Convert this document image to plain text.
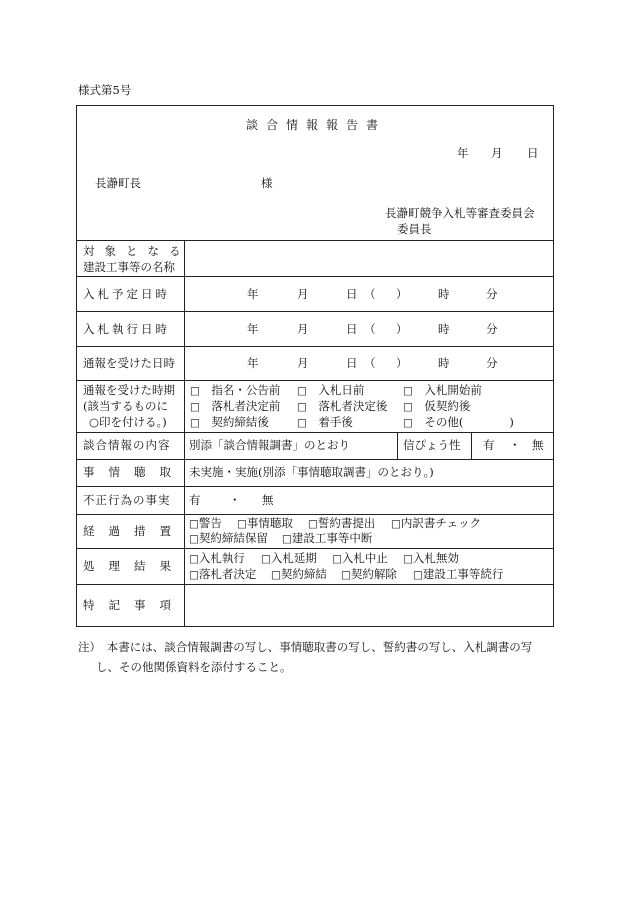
様式第5号
談合情報報告書
年 月 日
長瀞町長	様
長瀞町競争入札等審査委員会
委員長
対象となる
建設工事等の名称
入札予定日時	年	月	日 （ ）	時	分
入札執行日時	年	月	日 （ ）	時	分
通報を受けた日時	年	月	日 （ ）	時	分
通報を受けた時期
(該当するものに
○印を付ける。)
□　 指名・公告前 □　 入札日前	□　 入札開始前
□　 落札者決定前 □　 落札者決定後 □　 仮契約後
□　 契約締結後	□　 着手後	□　 その他(　　　　)
談合情報の内容	別添「談合情報調書」のとおり	信ぴょう性 有 ・ 無
事情聴取 未実施・実施(別添「事情聴取調書」のとおり。)
不正行為の事実	有 ・ 無
経過措置 □警告 □事情聴取 □誓約書提出 □内訳書チェック
□契約締結保留 □建設工事等中断
処理結果 □入札執行 □入札延期 □入札中止 □入札無効
□落札者決定 □契約締結 □契約解除 □建設工事等続行
特記事項
注）　本書には、談合情報調書の写し、事情聴取書の写し、誓約書の写し、入札調書の写
し、その他関係資料を添付すること。
